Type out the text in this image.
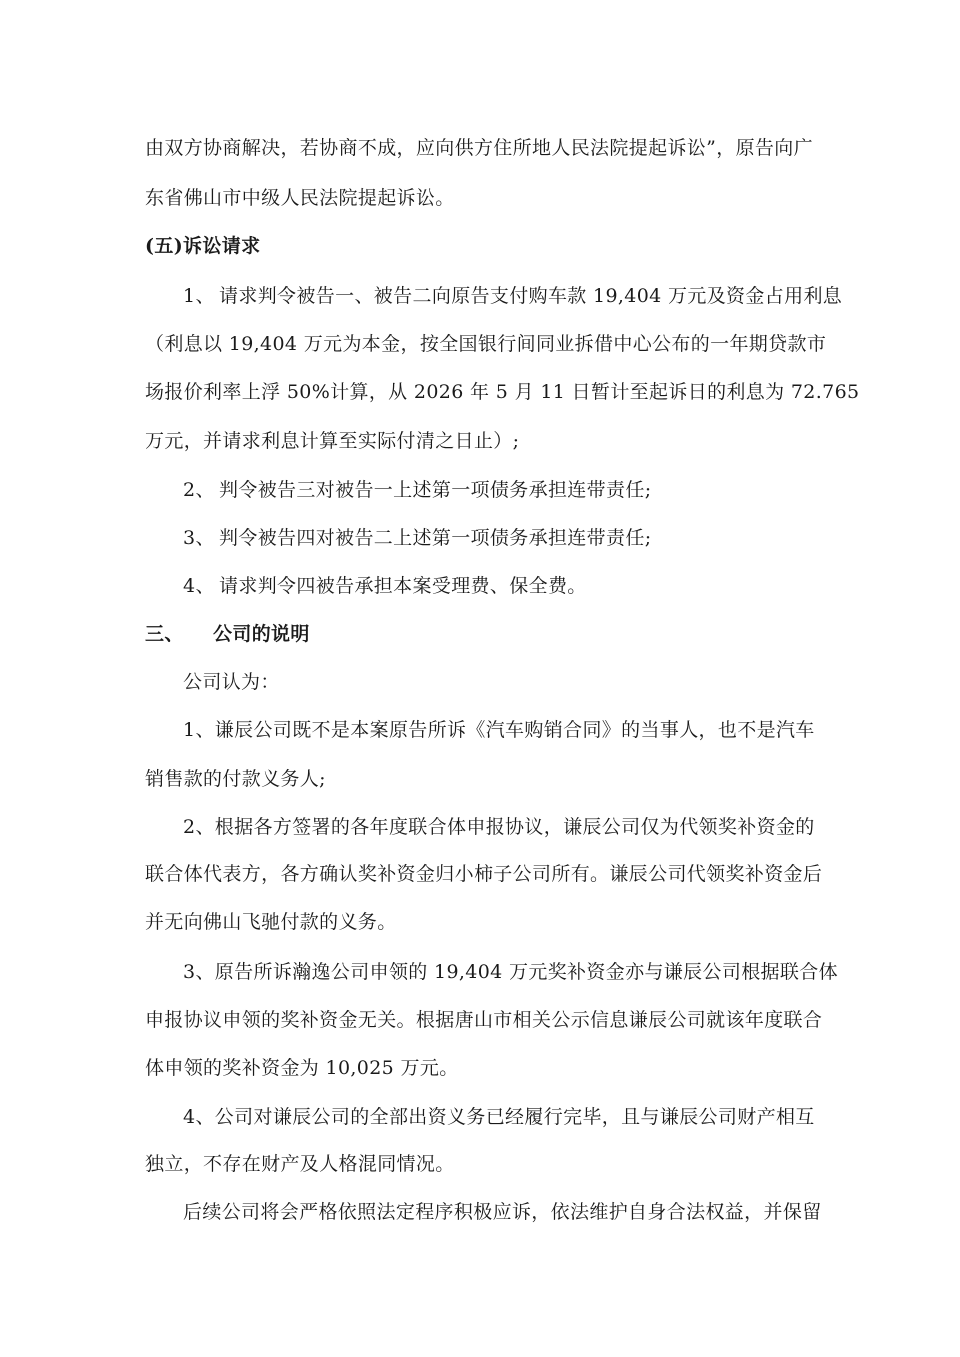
由双方协商解决，若协商不成，应向供方住所地人民法院提起诉讼”，原告向广
东省佛山市中级人民法院提起诉讼。
(五)诉讼请求
1、 请求判令被告一、被告二向原告支付购车款 19,404 万元及资金占用利息
（利息以 19,404 万元为本金，按全国银行间同业拆借中心公布的一年期贷款市
场报价利率上浮 50%计算，从 2026 年 5 月 11 日暂计至起诉日的利息为 72.765
万元，并请求利息计算至实际付清之日止）;
2、 判令被告三对被告一上述第一项债务承担连带责任;
3、 判令被告四对被告二上述第一项债务承担连带责任;
4、 请求判令四被告承担本案受理费、保全费。
三、 公司的说明
公司认为：
1、谦辰公司既不是本案原告所诉《汽车购销合同》的当事人，也不是汽车
销售款的付款义务人;
2、根据各方签署的各年度联合体申报协议，谦辰公司仅为代领奖补资金的
联合体代表方，各方确认奖补资金归小柿子公司所有。谦辰公司代领奖补资金后
并无向佛山飞驰付款的义务。
3、原告所诉瀚逸公司申领的 19,404 万元奖补资金亦与谦辰公司根据联合体
申报协议申领的奖补资金无关。根据唐山市相关公示信息谦辰公司就该年度联合
体申领的奖补资金为 10,025 万元。
4、公司对谦辰公司的全部出资义务已经履行完毕，且与谦辰公司财产相互
独立，不存在财产及人格混同情况。
后续公司将会严格依照法定程序积极应诉，依法维护自身合法权益，并保留
